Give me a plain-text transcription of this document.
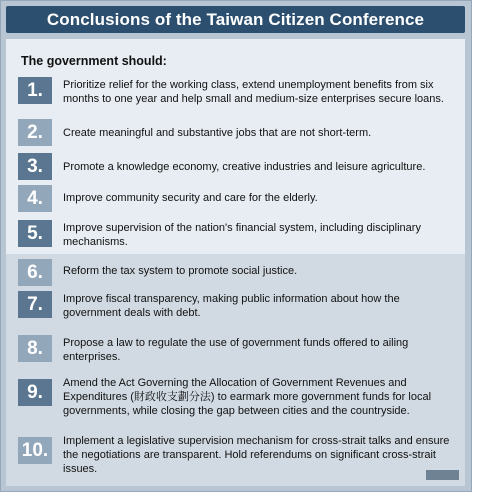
Conclusions of the Taiwan Citizen Conference
The government should:
1.	Prioritize relief for the working class, extend unemployment benefits from six months to one year and help small and medium-size enterprises secure loans.
2.	Create meaningful and substantive jobs that are not short-term.
3.	Promote a knowledge economy, creative industries and leisure agriculture.
4.	Improve community security and care for the elderly.
5.	Improve supervision of the nation's financial system, including disciplinary mechanisms.
6.	Reform the tax system to promote social justice.
7.	Improve fiscal transparency, making public information about how the government deals with debt.
8.	Propose a law to regulate the use of government funds offered to ailing enterprises.
9.	Amend the Act Governing the Allocation of Government Revenues and Expenditures (財政收支劃分法) to earmark more government funds for local governments, while closing the gap between cities and the countryside.
10.	Implement a legislative supervision mechanism for cross-strait talks and ensure the negotiations are transparent. Hold referendums on significant cross-strait issues.
